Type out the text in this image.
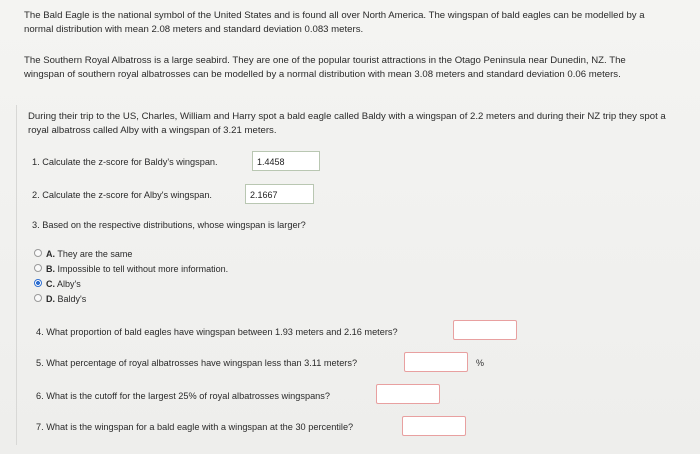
The Bald Eagle is the national symbol of the United States and is found all over North America. The wingspan of bald eagles can be modelled by a normal distribution with mean 2.08 meters and standard deviation 0.083 meters.
The Southern Royal Albatross is a large seabird. They are one of the popular tourist attractions in the Otago Peninsula near Dunedin, NZ. The wingspan of southern royal albatrosses can be modelled by a normal distribution with mean 3.08 meters and standard deviation 0.06 meters.
During their trip to the US, Charles, William and Harry spot a bald eagle called Baldy with a wingspan of 2.2 meters and during their NZ trip they spot a royal albatross called Alby with a wingspan of 3.21 meters.
1. Calculate the z-score for Baldy's wingspan.	1.4458
2. Calculate the z-score for Alby's wingspan.	2.1667
3. Based on the respective distributions, whose wingspan is larger?
A. They are the same
B. Impossible to tell without more information.
C. Alby's
D. Baldy's
4. What proportion of bald eagles have wingspan between 1.93 meters and 2.16 meters?
5. What percentage of royal albatrosses have wingspan less than 3.11 meters?	%
6. What is the cutoff for the largest 25% of royal albatrosses wingspans?
7. What is the wingspan for a bald eagle with a wingspan at the 30 percentile?
